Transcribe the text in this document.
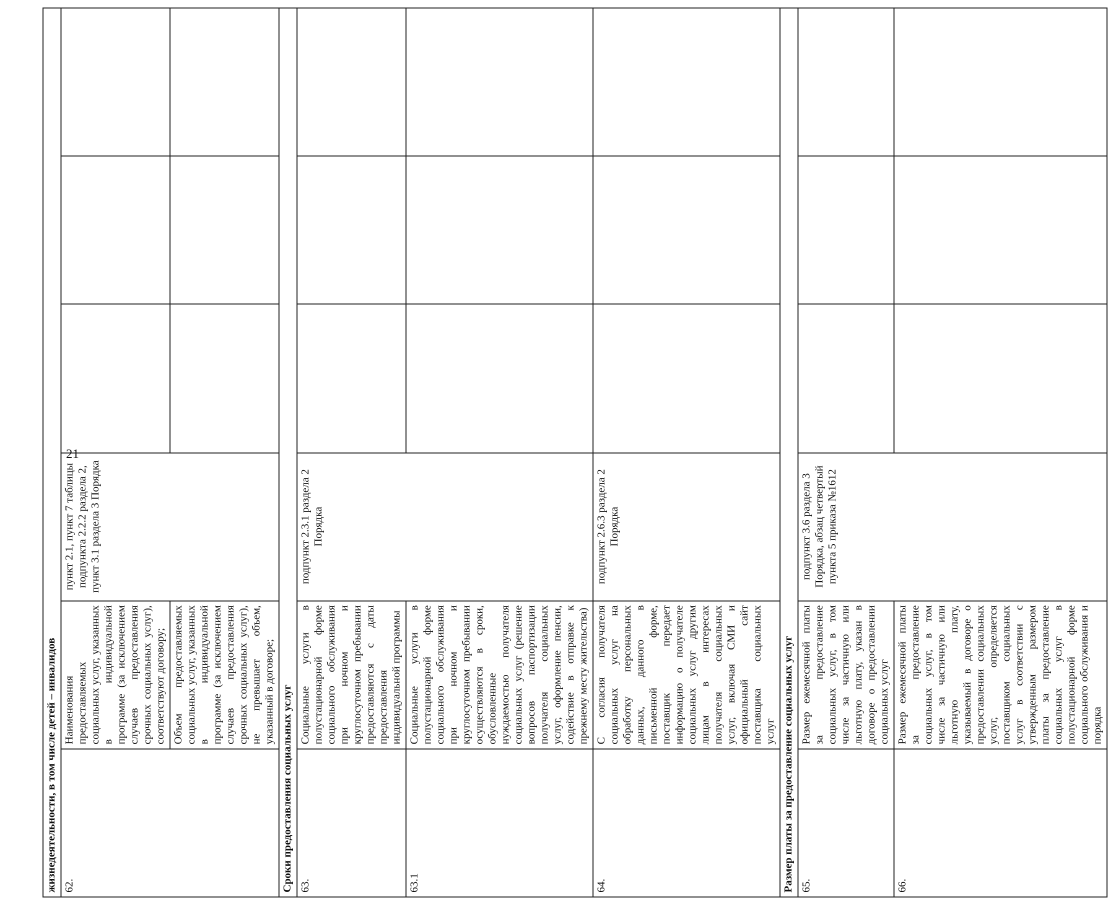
21
жизнедеятельности, в том числе детей – инвалидов					
62.	Наименования предоставляемых социальных услуг, указанных в индивидуальной программе (за исключением случаев предоставления срочных социальных услуг), соответствуют договору;	пункт 2.1, пункт 7 таблицы подпункта 2.2.2 раздела 2, пункт 3.1 раздела 3 Порядка			
	Объем предоставляемых социальных услуг, указанных в индивидуальной программе (за исключением случаев предоставления срочных социальных услуг), не превышает объем, указанный в договоре;				
Сроки предоставления социальных услуг					
63.	Социальные услуги в полустационарной форме социального обслуживания при ночном и круглосуточном пребывании предоставляются с даты предоставления индивидуальной программы	подпункт 2.3.1 раздела 2 Порядка			
63.1	Социальные услуги в полустационарной форме социального обслуживания при ночном и круглосуточном пребывании осуществляются в сроки, обусловленные нуждаемостью получателя социальных услуг (решение вопросов паспортизации получателя социальных услуг, оформление пенсии, содействие в отправке к прежнему месту жительства)				
64.	С согласия получателя социальных услуг на обработку персональных данных, данного в письменной форме, поставщик передает информацию о получателе социальных услуг другим лицам в интересах получателя социальных услуг, включая СМИ и официальный сайт поставщика социальных услуг	подпункт 2.6.3 раздела 2 Порядка			
Размер платы за предоставление социальных услуг					
65.	Размер ежемесячной платы за предоставление социальных услуг, в том числе за частичную или льготную плату, указан в договоре о предоставлении социальных услуг	подпункт 3.6 раздела 3 Порядка, абзац четвертый пункта 5 приказа №1612			
66.	Размер ежемесячной платы за предоставление социальных услуг, в том числе за частичную или льготную плату, указываемый в договоре о предоставлении социальных услуг, определяется поставщиком социальных услуг в соответствии с утвержденным размером платы за предоставление социальных услуг в полустационарной форме социального обслуживания и порядка				
